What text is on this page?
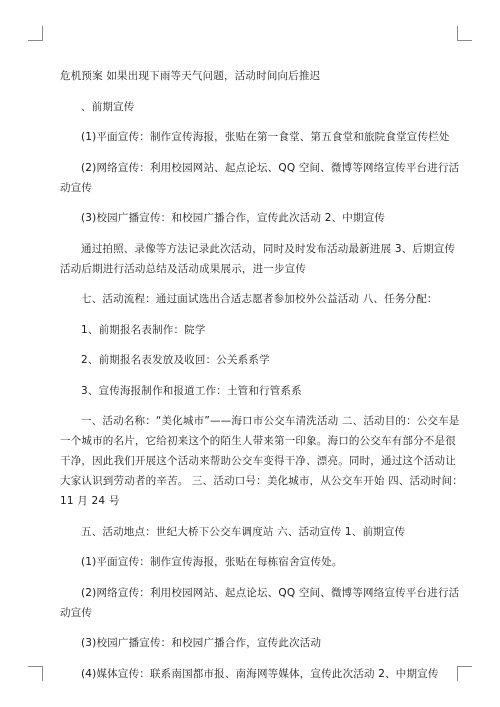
危机预案 如果出现下雨等天气问题，活动时间向后推迟
、前期宣传
(1)平面宣传：制作宣传海报，张贴在第一食堂、第五食堂和旅院食堂宣传栏处
(2)网络宣传：利用校园网站、起点论坛、QQ 空间、微博等网络宣传平台进行活
动宣传
(3)校园广播宣传：和校园广播合作，宣传此次活动 2、中期宣传
通过拍照、录像等方法记录此次活动，同时及时发布活动最新进展 3、后期宣传
活动后期进行活动总结及活动成果展示，进一步宣传
七、活动流程：通过面试选出合适志愿者参加校外公益活动 八、任务分配：
1、前期报名表制作：院学
2、前期报名表发放及收回：公关系系学
3、宣传海报制作和报道工作：土管和行管系系
一、活动名称：“美化城市”——海口市公交车清洗活动 二、活动目的：公交车是
一个城市的名片，它给初来这个的陌生人带来第一印象。海口的公交车有部分不是很
干净，因此我们开展这个活动来帮助公交车变得干净、漂亮。同时，通过这个活动让
大家认识到劳动者的辛苦。 三、活动口号：美化城市，从公交车开始 四、活动时间：
11 月 24 号
五、活动地点：世纪大桥下公交车调度站 六、活动宣传 1、前期宣传
(1)平面宣传：制作宣传海报，张贴在每栋宿舍宣传处。
(2)网络宣传：利用校园网站、起点论坛、QQ 空间、微博等网络宣传平台进行活
动宣传
(3)校园广播宣传：和校园广播合作，宣传此次活动
(4)媒体宣传：联系南国都市报、南海网等媒体，宣传此次活动 2、中期宣传
